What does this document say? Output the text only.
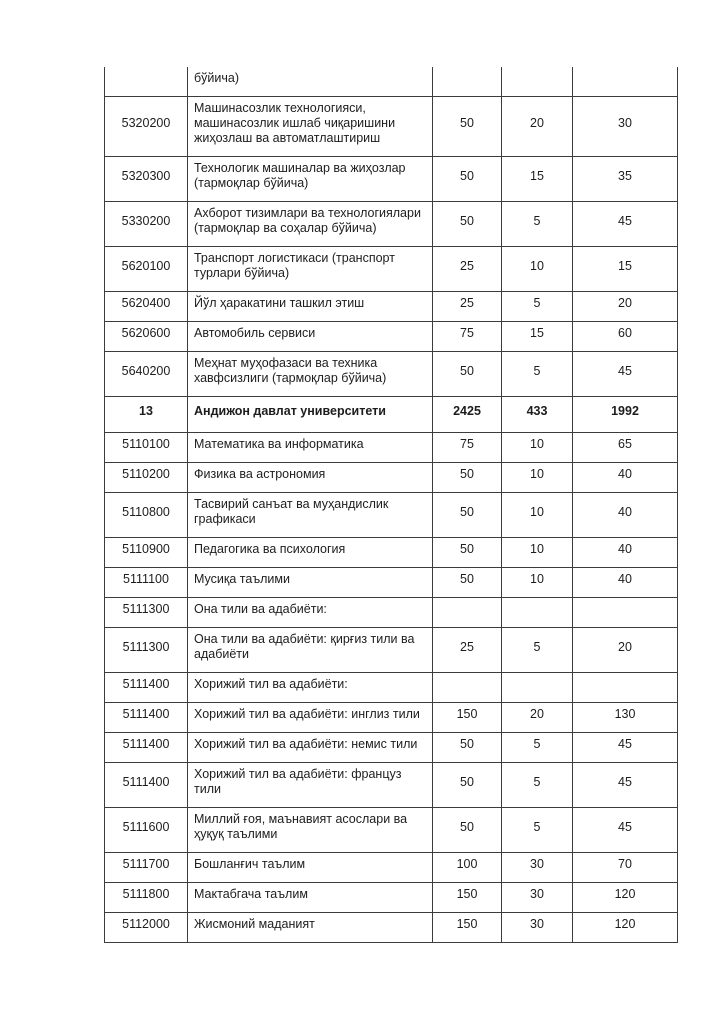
	бўйича)			
5320200	Машинасозлик технологияси, машинасозлик ишлаб чиқаришини жиҳозлаш ва автоматлаштириш	50	20	30
5320300	Технологик машиналар ва жиҳозлар (тармоқлар бўйича)	50	15	35
5330200	Ахборот тизимлари ва технологиялари (тармоқлар ва соҳалар бўйича)	50	5	45
5620100	Транспорт логистикаси (транспорт турлари бўйича)	25	10	15
5620400	Йўл ҳаракатини ташкил этиш	25	5	20
5620600	Автомобиль сервиси	75	15	60
5640200	Меҳнат муҳофазаси ва техника хавфсизлиги (тармоқлар бўйича)	50	5	45
13	Андижон давлат университети	2425	433	1992
5110100	Математика ва информатика	75	10	65
5110200	Физика ва астрономия	50	10	40
5110800	Тасвирий санъат ва муҳандислик графикаси	50	10	40
5110900	Педагогика ва психология	50	10	40
5111100	Мусиқа таълими	50	10	40
5111300	Она тили ва адабиёти:			
5111300	Она тили ва адабиёти: қирғиз тили ва адабиёти	25	5	20
5111400	Хорижий тил ва адабиёти:			
5111400	Хорижий тил ва адабиёти: инглиз тили	150	20	130
5111400	Хорижий тил ва адабиёти: немис тили	50	5	45
5111400	Хорижий тил ва адабиёти: француз тили	50	5	45
5111600	Миллий ғоя, маънавият асослари ва ҳуқуқ таълими	50	5	45
5111700	Бошланғич таълим	100	30	70
5111800	Мактабгача таълим	150	30	120
5112000	Жисмоний маданият	150	30	120
